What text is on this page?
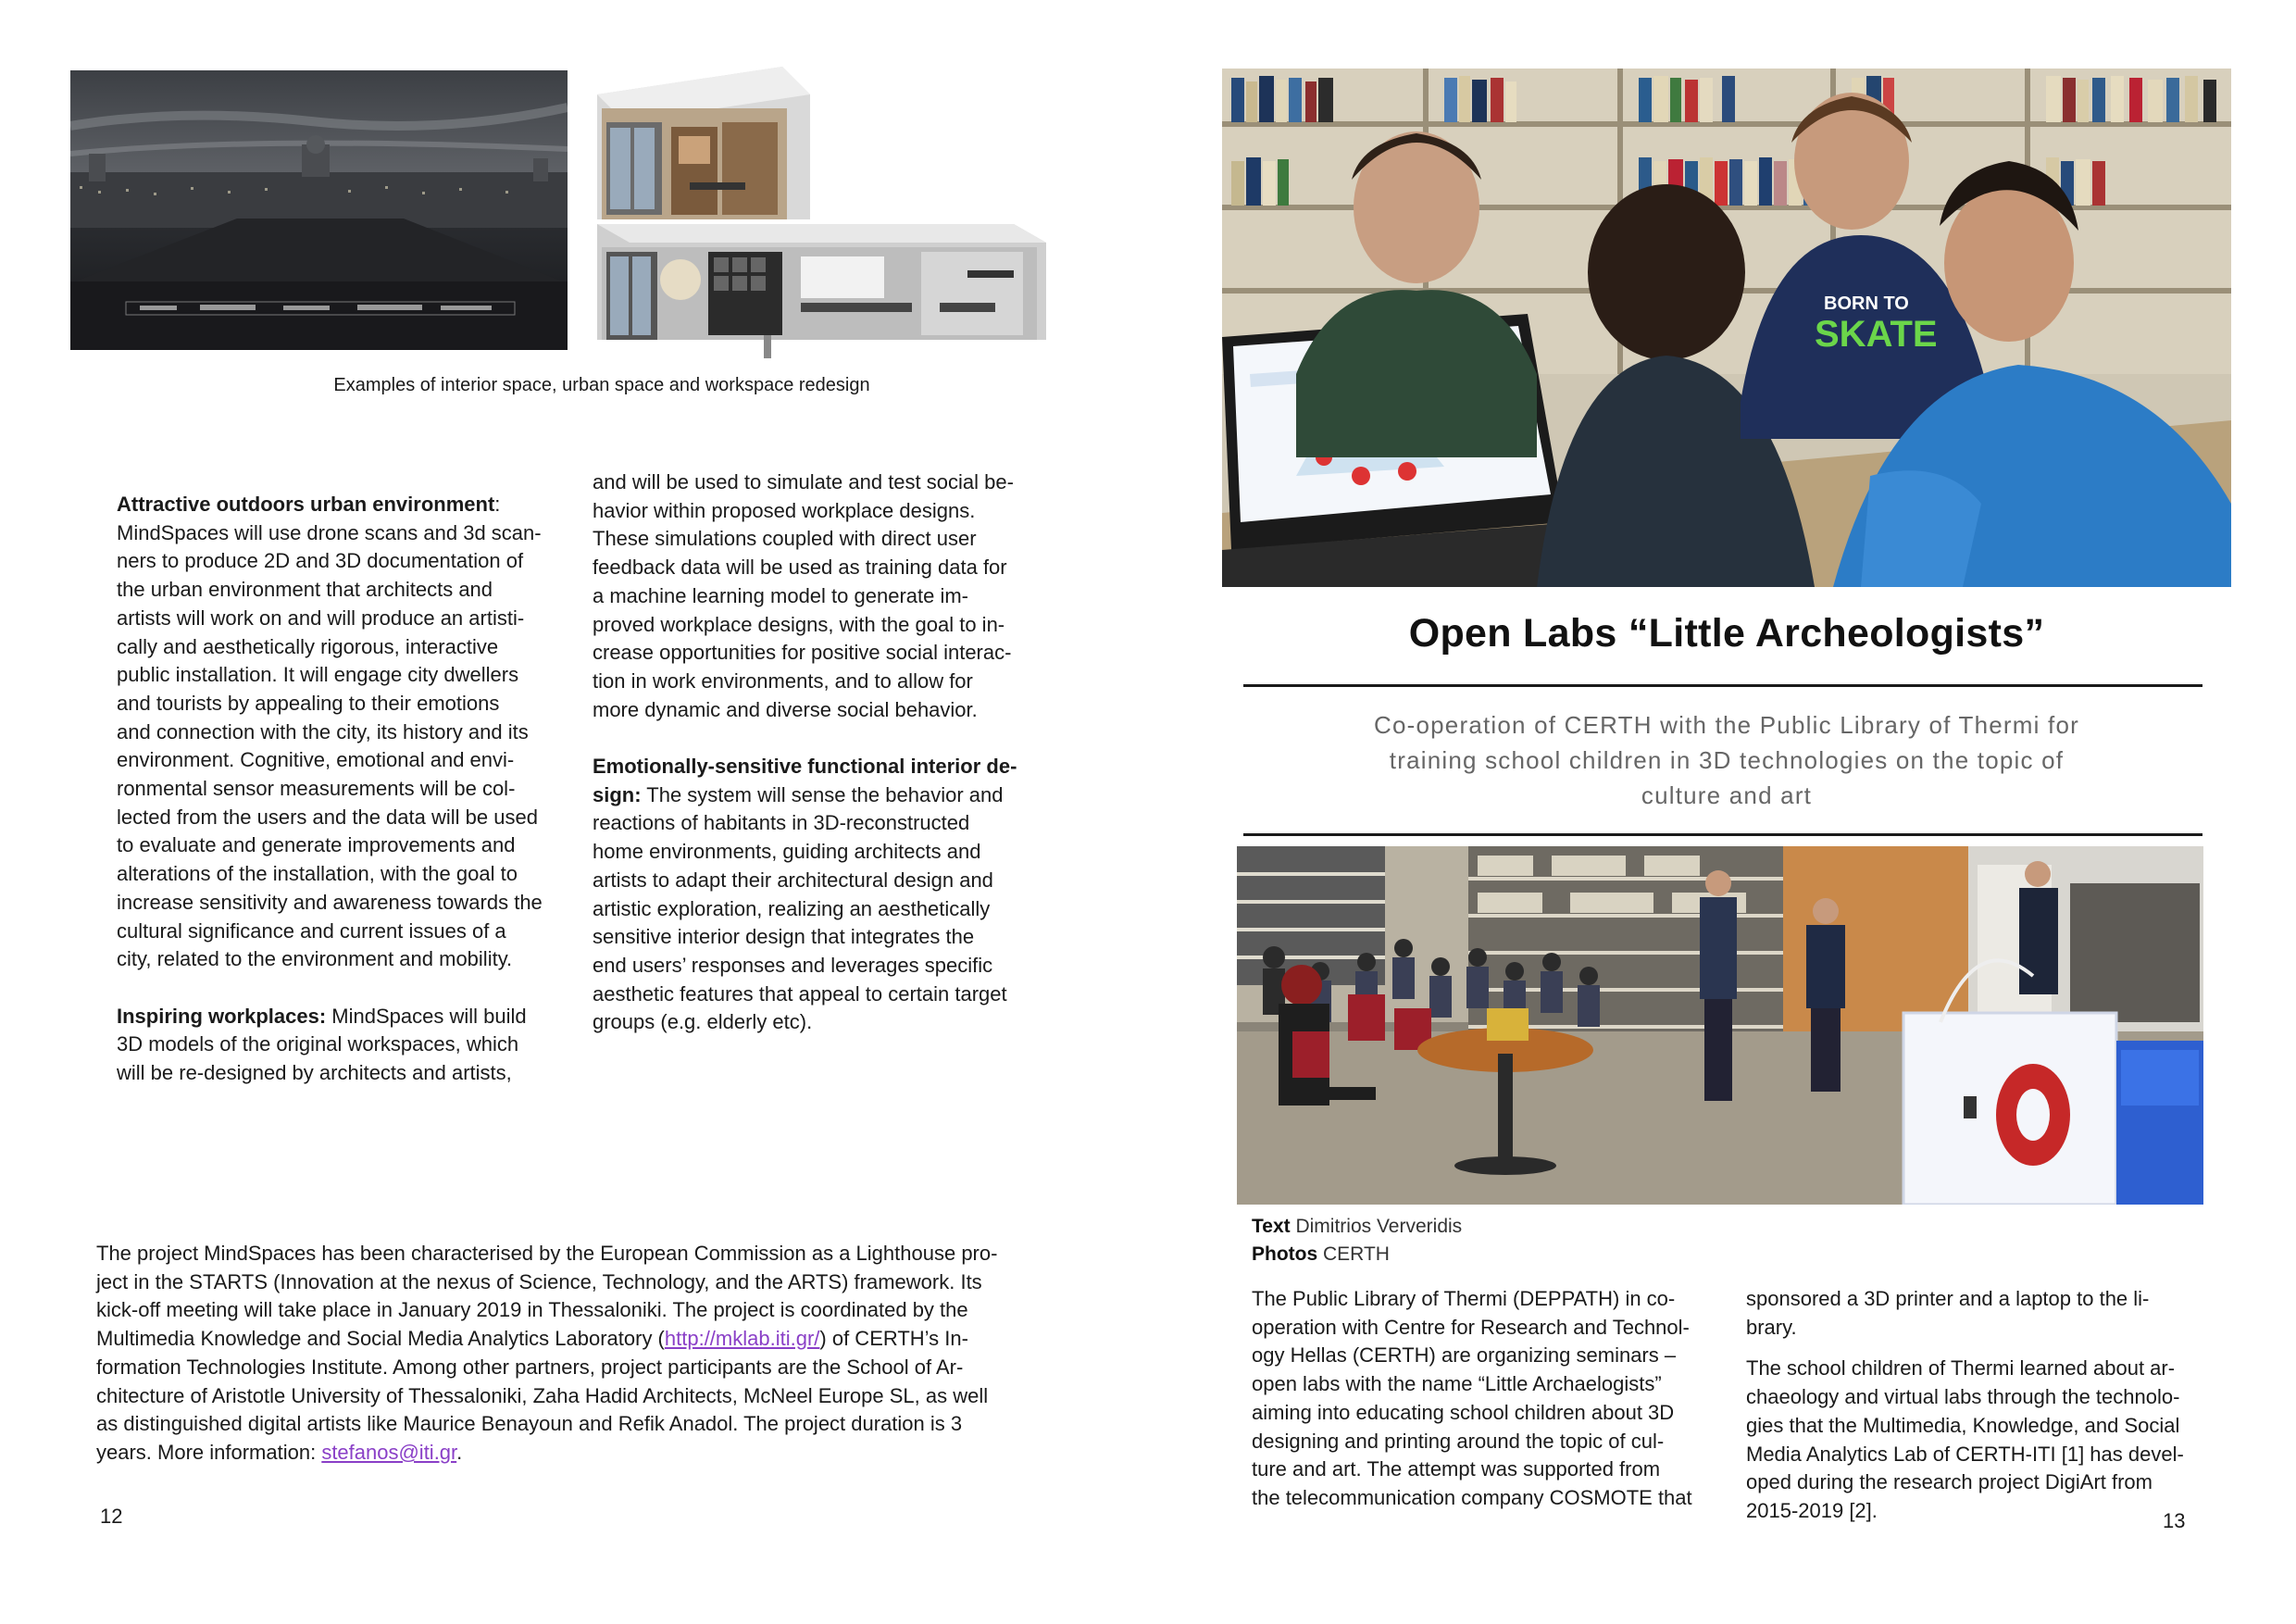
Examples of interior space, urban space and workspace redesign

Attractive outdoors urban environment:

MindSpaces will use drone scans and 3d scan-

ners to produce 2D and 3D documentation of

the urban environment that architects and

artists will work on and will produce an artisti-

cally and aesthetically rigorous, interactive

public installation. It will engage city dwellers

and tourists by appealing to their emotions

and connection with the city, its history and its

environment. Cognitive, emotional and envi-

ronmental sensor measurements will be col-

lected from the users and the data will be used

to evaluate and generate improvements and

alterations of the installation, with the goal to

increase sensitivity and awareness towards the

cultural significance and current issues of a

city, related to the environment and mobility.

Inspiring workplaces: MindSpaces will build

3D models of the original workspaces, which

will be re-designed by architects and artists,

and will be used to simulate and test social be-

havior within proposed workplace designs.

These simulations coupled with direct user

feedback data will be used as training data for

a machine learning model to generate im-

proved workplace designs, with the goal to in-

crease opportunities for positive social interac-

tion in work environments, and to allow for

more dynamic and diverse social behavior.

Emotionally-sensitive functional interior de-

sign: The system will sense the behavior and

reactions of habitants in 3D-reconstructed

home environments, guiding architects and

artists to adapt their architectural design and

artistic exploration, realizing an aesthetically

sensitive interior design that integrates the

end users’ responses and leverages specific

aesthetic features that appeal to certain target

groups (e.g. elderly etc).

The project MindSpaces has been characterised by the European Commission as a Lighthouse pro-

ject in the STARTS (Innovation at the nexus of Science, Technology, and the ARTS) framework. Its

kick-off meeting will take place in January 2019 in Thessaloniki. The project is coordinated by the

Multimedia Knowledge and Social Media Analytics Laboratory (http://mklab.iti.gr/) of CERTH’s In-

formation Technologies Institute. Among other partners, project participants are the School of Ar-

chitecture of Aristotle University of Thessaloniki, Zaha Hadid Architects, McNeel Europe SL, as well

as distinguished digital artists like Maurice Benayoun and Refik Anadol. The project duration is 3

years. More information: stefanos@iti.gr.

12
BORN TO
SKATE
Open Labs “Little Archeologists”
Co-operation of CERTH with the Public Library of Thermi for
training school children in 3D technologies on the topic of
culture and art
Text Dimitrios Ververidis
Photos CERTH

The Public Library of Thermi (DEPPATH) in co-

operation with Centre for Research and Technol-

ogy Hellas (CERTH) are organizing seminars –

open labs with the name “Little Archaelogists”

aiming into educating school children about 3D

designing and printing around the topic of cul-

ture and art. The attempt was supported from

the telecommunication company COSMOTE that

sponsored a 3D printer and a laptop to the li-

brary.

The school children of Thermi learned about ar-

chaeology and virtual labs through the technolo-

gies that the Multimedia, Knowledge, and Social

Media Analytics Lab of CERTH-ITI [1] has devel-

oped during the research project DigiArt from

2015-2019 [2].	13
